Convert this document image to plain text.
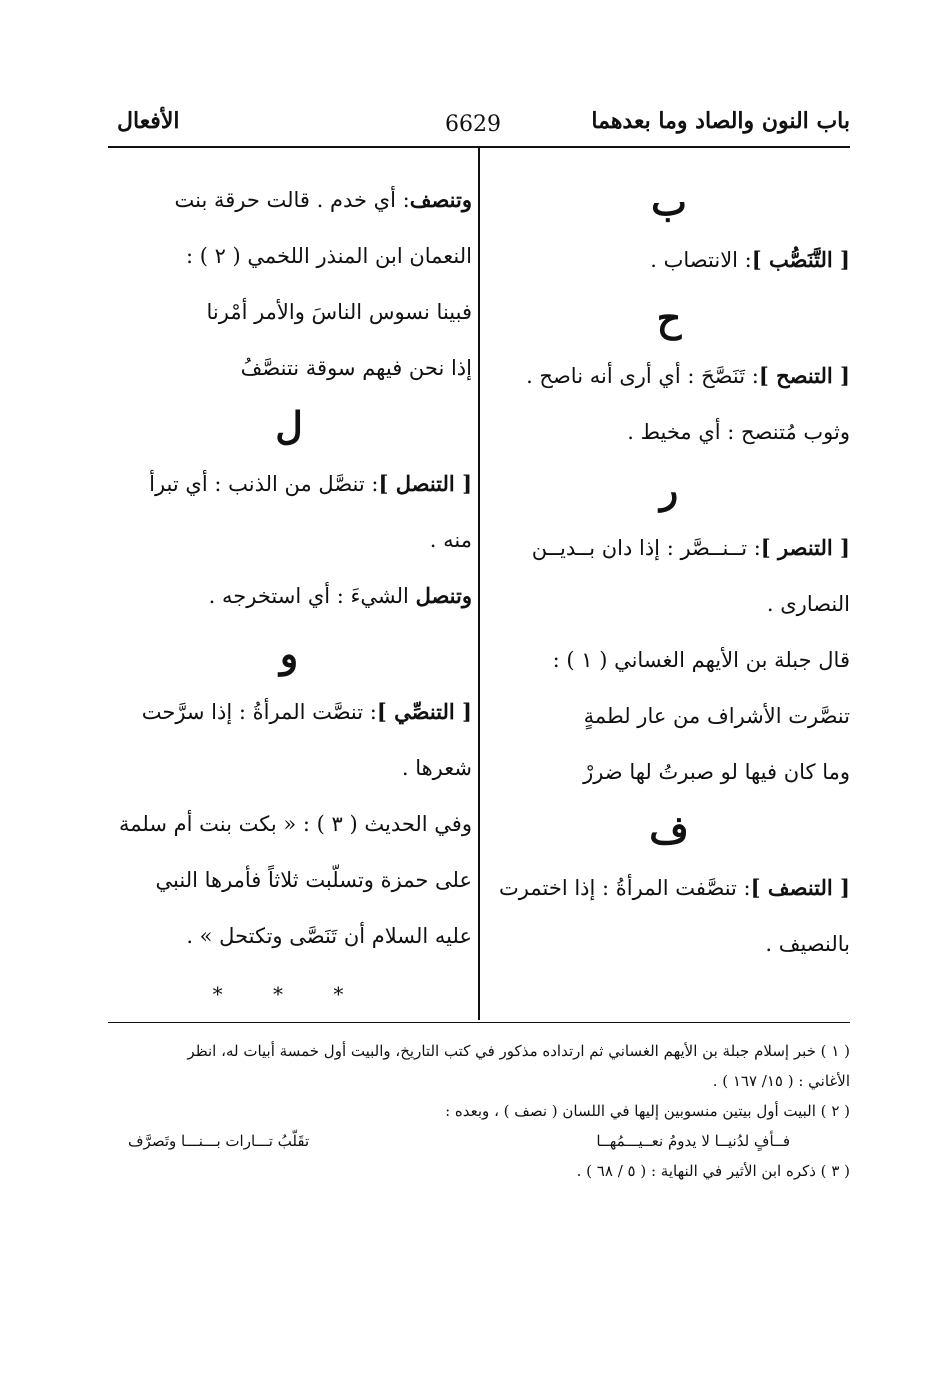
باب النون والصاد وما بعدهما
6629
الأفعال
ب
[ التَّنَصُّب ]: الانتصاب .
ح
[ التنصح ]: تَنَصَّحَ : أي أرى أنه ناصح .
وثوب مُتنصح : أي مخيط .
ر
[ التنصر ]: تــنــصَّر : إذا دان بــديــن
النصارى .
قال جبلة بن الأيهم الغساني ( ١ ) :
تنصَّرت الأشراف من عار لطمةٍ
وما كان فيها لو صبرتُ لها ضررْ
ف
[ التنصف ]: تنصَّفت المرأةُ : إذا اختمرت
بالنصيف .
وتنصف: أي خدم . قالت حرقة بنت
النعمان ابن المنذر اللخمي ( ٢ ) :
فبينا نسوس الناسَ والأمر أمْرنا
إذا نحن فيهم سوقة نتنصَّفُ
ل
[ التنصل ]: تنصَّل من الذنب : أي تبرأ
منه .
وتنصل الشيءَ : أي استخرجه .
و
[ التنصِّي ]: تنصَّت المرأةُ : إذا سرَّحت
شعرها .
وفي الحديث ( ٣ ) : « بكت بنت أم سلمة
على حمزة وتسلّبت ثلاثاً فأمرها النبي
عليه السلام أن تَنَصَّى وتكتحل » .
* * *
( ١ ) خبر إسلام جبلة بن الأيهم الغساني ثم ارتداده مذكور في كتب التاريخ، والبيت أول خمسة أبيات له، انظر
الأغاني : ( ١٥/ ١٦٧ ) .
( ٢ ) البيت أول بيتين منسوبين إليها في اللسان ( نصف ) ، وبعده :
فــأفٍ لدُنيــا لا يدومُ نعــيـــمُهــا
تقَلّبُ تـــارات بـــنـــا وتَصرَّف
( ٣ ) ذكره ابن الأثير في النهاية : ( ٥ / ٦٨ ) .
